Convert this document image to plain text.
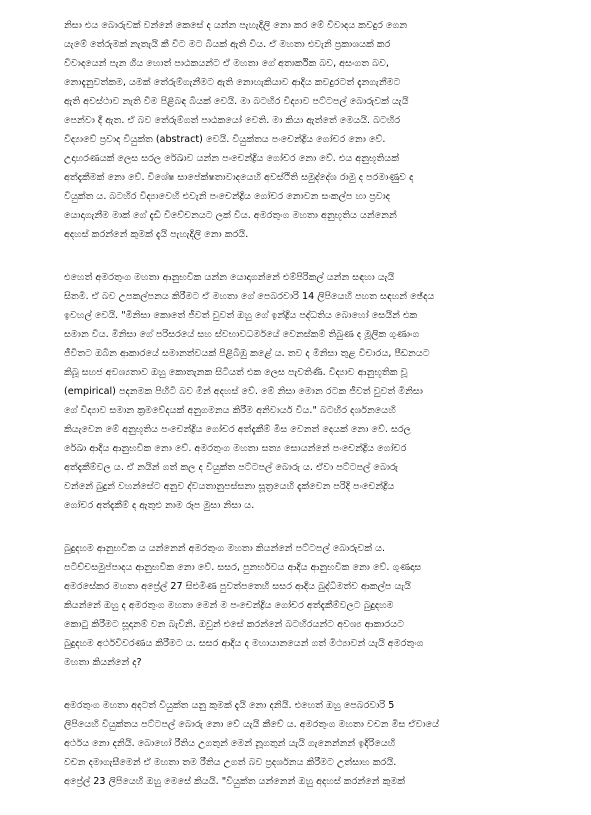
නිසා එය බොරුවක් වන්නේ කෙසේ ද යන්න පැහැදිලි නො කර මේ විවාදය කවදුර ගෙන
යැමේ තේරුමක් නැතැයි කී විට මට බියක් ඇති විය. ඒ මහතා එවැනි ප්‍රකාශයක් කර
විවාදයෙන් පැන ගිය හොත් පාඨකයන්ට ඒ මහතා ගේ අතාර්කික බව, අසංගත බව,
නොදැනුවත්කම, යමක් තේරුම්ගැනීමට ඇති නොහැකියාව ආදිය කවදුරටත් දැනගැනීමට
ඇති අවස්ථාව නැති වීම පිළිබඳ බියක් වෙයි. මා බටහිර විද්‍යාව පට්ටපල් බොරුවක් යැයි
පෙන්වා දී ඇත. ඒ බව තේරුම්ගත් පාඨකයෝ වෙති. මා කියා ඇත්තේ මෙයයි. බටහිර
විද්‍යාවේ ප්‍රවාද වියුක්ත (abstract) වෙයි. වියුක්තය පංචෙන්ද්‍රිය ගෝචර නො වේ.
උදාහරණයක් ලෙස සරල රේඛාව යන්න පංචෙන්ද්‍රිය ගෝචර නො වේ. එය අනුභූතියක්
අත්දැකීමක් නො වේ. විශේෂ සාපේක්ෂතාවාදයෙහි අවස්ථිති සමුද්දේශ රාමු ද පරමාණුව ද
වියුක්ත ය. බටහිර විද්‍යාවෙහි එවැනි පංචෙන්ද්‍රිය ගෝචර නොවන සංකල්ප හා ප්‍රවාද
යොදාගැනීම මාක් ගේ දැඩි විවේචනයට ලක් විය. අමරතුංග මහතා අනුභූතිය යන්නෙන්
අදහස් කරන්නේ කුමක් දැයි පැහැදිලි නො කරයි.
එහෙත් අමරතුංග මහතා ආනුභවික යන්න යොදාගන්නේ එම්පිරිකල් යන්න සඳහා යැයි
සිතමි. ඒ බව උපකල්පනය කිරීමට ඒ මහතා ගේ පෙබරවාරි 14 ලිපියෙහි පහත සඳහන් ඡේදය
ඉවහල් වෙයි. "මිනිසා කොතේ ජීවත් වුවත් ඔහු ගේ ඉන්ද්‍රිය පද්ධතිය බොහෝ සෙයින් එක
සමාන විය. මිනිසා ගේ පරිසරයේ සහ ස්වභාවධර්මයේ වෙනස්කම් තිබුණ ද මූලික ගුණාංග
ජීවිතට ඔබින ආකාරයේ සමානත්වයක් පිළිබිඹු කළේ ය. තව ද මිනිසා තුළ විචාරය, පීඩනයට
කිබූ සහජ අවශ්‍යතාව ඔහු කොතැනක සිටියත් එක ලෙස පැවතිණි. විද්‍යාව ආනුභූතික වූ
(empirical) පදනමක පිහිටි බව මින් අදහස් වේ. මේ නිසා මොන රටක ජීවත් වුවත් මිනිසා
ගේ විද්‍යාව සමාන ක්‍රමවේදයක් අනුගමනය කිරීම අනිවාර්ය විය." බටහිර දර්ශනයෙහි
කියැවෙන මේ අනුභූතිය පංචෙන්ද්‍රිය ගෝචර අත්දැකීම් මිස වෙනත් දෙයක් නො වේ. සරල
රේඛා ආදිය ආනුභවික නො වේ. අමරතුංග මහතා සත්‍ය සොයන්නේ පංචෙන්ද්‍රිය ගෝචර
අත්දැකීම්වල ය. ඒ නයින් ගත් කල ද වියුක්ත පට්ටපල් බොරු ය. ඒවා පට්ටපල් බොරු
වන්නේ බුදුන් වහන්සේට අනුව ද්වයතානුපස්සනා සූත්‍රයෙහි දැක්වෙන පරිදි පංචෙන්ද්‍රිය
ගෝචර අත්දැකීම් ද ඇතුළු නාම රූප මුසා නිසා ය.
බුදුදහම ආනුභවික ය යන්නෙන් අමරතුංග මහතා කියන්නේ පට්ටපල් බොරුවක් ය.
පටිච්චසමුප්පාදය ආනුභවික නො වේ. සසර, පුනර්භවය ආදිය ආනුභවික නො වේ. ගුණදාස
අමරසේකර මහතා අප්‍රේල් 27 සිළුමිණ පුවත්පතෙහි සසර ආදිය බුද්ධිමත්ව ආකල්ප යැයි
කියන්නේ ඔහු ද අමරතුංග මහතා මෙන් ම පංචෙන්ද්‍රිය ගෝචර අත්දැකීම්වලට බුදුදහම
කොටු කිරීමට සූදානම් වන බැවිනි. ඔවුන් එසේ කරන්නේ බටහිරයන්ට අවශ්‍ය ආකාරයට
බුදුදහම අර්ථවිවරණය කිරීමට ය. සසර ආදිය ද මහායානයෙන් ගත් මිථ්‍යාවන් යැයි අමරතුංග
මහතා කියන්නේ ද?
අමරතුංග මහතා අදටත් වියුක්ත යනු කුමක් දැයි නො දනියි. එහෙත් ඔහු පෙබරවාරි 5
ලිපියෙහි වියුක්තය පට්ටපල් බොරු නො වේ යැයි කීවේ ය. අමරතුංග මහතා වචන මිස ඒවායේ
අර්ථය නො දනියි. බොහෝ රීතිය උගතුන් මෙන් නූගතුන් යැයි ගැනෙන්නන් ඉදිරියෙහි
වචන දමාගැසීමෙන් ඒ මහතා තම රීතිය උගත් බව ප්‍රදර්ශනය කිරීමට උත්සාහ කරයි.
අප්‍රේල් 23 ලිපියෙහි ඔහු මෙසේ කියයි. "වියුක්ත යන්නෙන් ඔහු අදහස් කරන්නේ කුමක්
